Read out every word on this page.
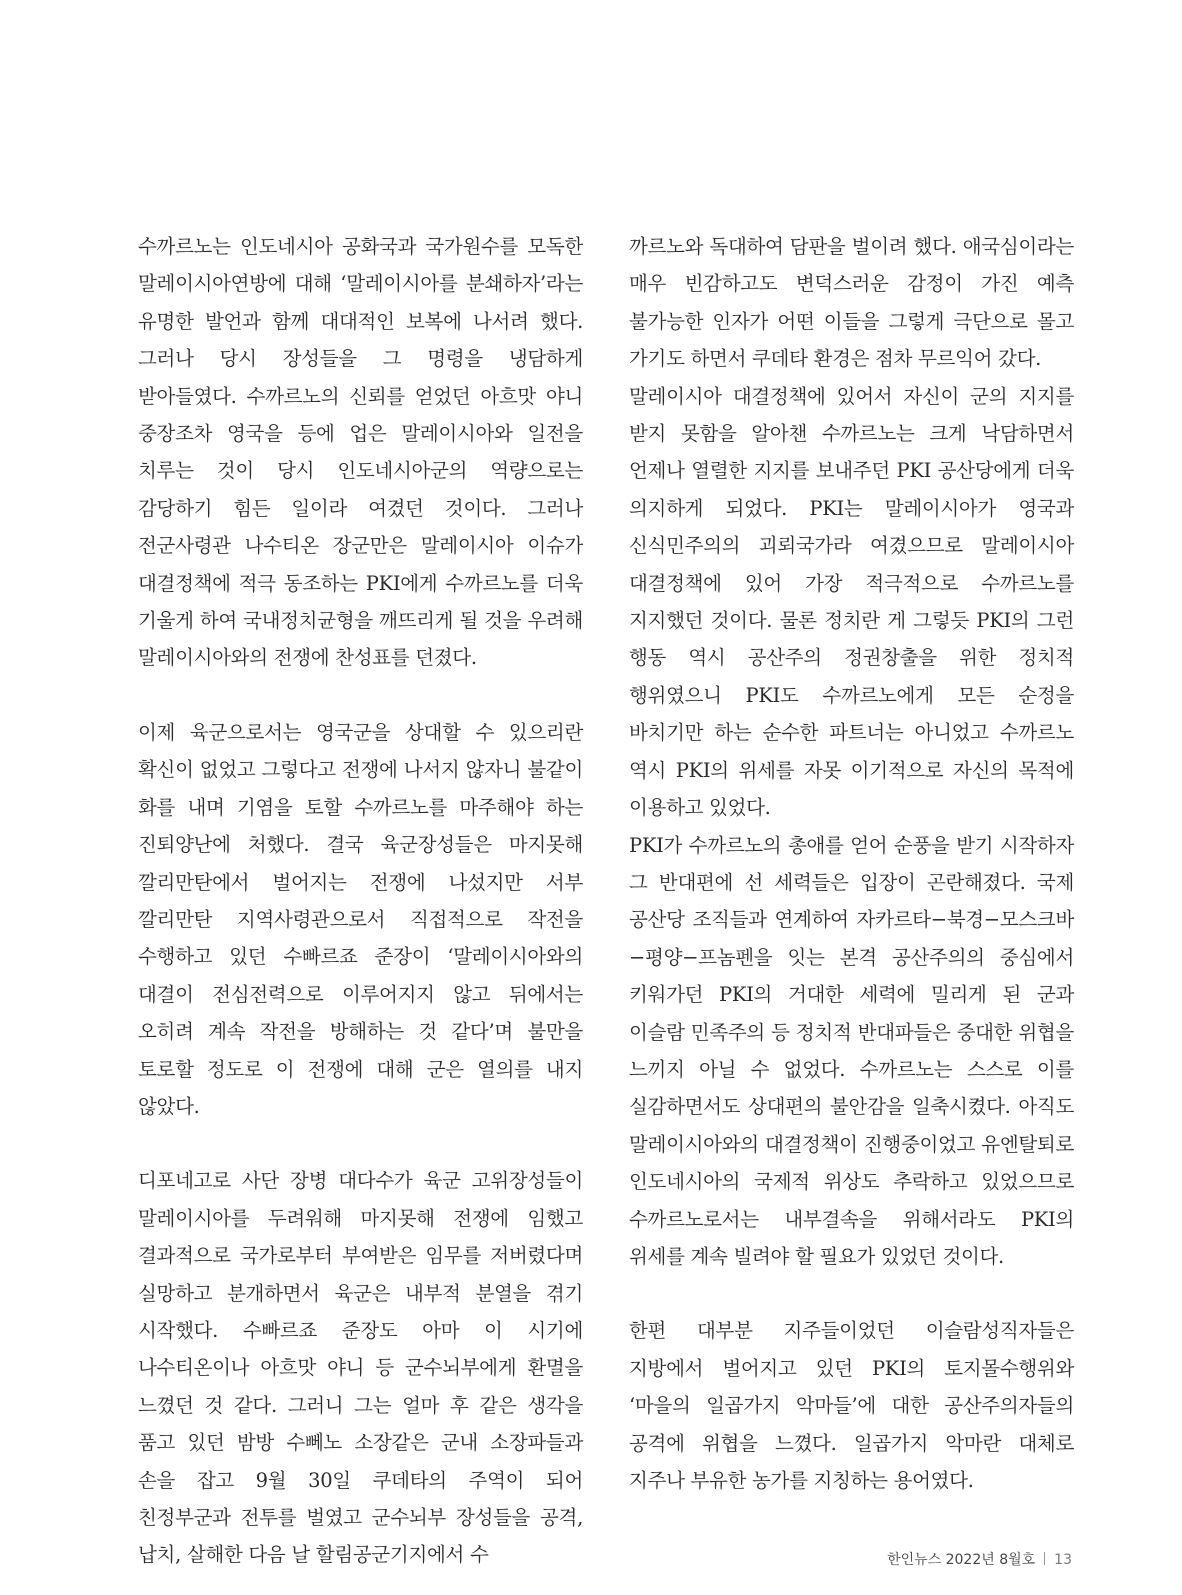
수까르노는 인도네시아 공화국과 국가원수를 모독한 말레이시아연방에 대해 ‘말레이시아를 분쇄하자’라는 유명한 발언과 함께 대대적인 보복에 나서려 했다. 그러나 당시 장성들을 그 명령을 냉담하게 받아들였다. 수까르노의 신뢰를 얻었던 아흐맛 야니 중장조차 영국을 등에 업은 말레이시아와 일전을 치루는 것이 당시 인도네시아군의 역량으로는 감당하기 힘든 일이라 여겼던 것이다. 그러나 전군사령관 나수티온 장군만은 말레이시아 이슈가 대결정책에 적극 동조하는 PKI에게 수까르노를 더욱 기울게 하여 국내정치균형을 깨뜨리게 될 것을 우려해 말레이시아와의 전쟁에 찬성표를 던졌다.

이제 육군으로서는 영국군을 상대할 수 있으리란 확신이 없었고 그렇다고 전쟁에 나서지 않자니 불같이 화를 내며 기염을 토할 수까르노를 마주해야 하는 진퇴양난에 처했다. 결국 육군장성들은 마지못해 깔리만탄에서 벌어지는 전쟁에 나섰지만 서부 깔리만탄 지역사령관으로서 직접적으로 작전을 수행하고 있던 수빠르죠 준장이 ‘말레이시아와의 대결이 전심전력으로 이루어지지 않고 뒤에서는 오히려 계속 작전을 방해하는 것 같다’며 불만을 토로할 정도로 이 전쟁에 대해 군은 열의를 내지 않았다.

디포네고로 사단 장병 대다수가 육군 고위장성들이 말레이시아를 두려워해 마지못해 전쟁에 임했고 결과적으로 국가로부터 부여받은 임무를 저버렸다며 실망하고 분개하면서 육군은 내부적 분열을 겪기 시작했다. 수빠르죠 준장도 아마 이 시기에 나수티온이나 아흐맛 야니 등 군수뇌부에게 환멸을 느꼈던 것 같다. 그러니 그는 얼마 후 같은 생각을 품고 있던 밤방 수뻬노 소장같은 군내 소장파들과 손을 잡고 9월 30일 쿠데타의 주역이 되어 친정부군과 전투를 벌였고 군수뇌부 장성들을 공격, 납치, 살해한 다음 날 할림공군기지에서 수

까르노와 독대하여 담판을 벌이려 했다. 애국심이라는 매우 빈감하고도 변덕스러운 감정이 가진 예측 불가능한 인자가 어떤 이들을 그렇게 극단으로 몰고 가기도 하면서 쿠데타 환경은 점차 무르익어 갔다.

말레이시아 대결정책에 있어서 자신이 군의 지지를 받지 못함을 알아챈 수까르노는 크게 낙담하면서 언제나 열렬한 지지를 보내주던 PKI 공산당에게 더욱 의지하게 되었다. PKI는 말레이시아가 영국과 신식민주의의 괴뢰국가라 여겼으므로 말레이시아 대결정책에 있어 가장 적극적으로 수까르노를 지지했던 것이다. 물론 정치란 게 그렇듯 PKI의 그런 행동 역시 공산주의 정권창출을 위한 정치적 행위였으니 PKI도 수까르노에게 모든 순정을 바치기만 하는 순수한 파트너는 아니었고 수까르노 역시 PKI의 위세를 자못 이기적으로 자신의 목적에 이용하고 있었다.

PKI가 수까르노의 총애를 얻어 순풍을 받기 시작하자 그 반대편에 선 세력들은 입장이 곤란해졌다. 국제 공산당 조직들과 연계하여 자카르타−북경−모스크바−평양−프놈펜을 잇는 본격 공산주의의 중심에서 키워가던 PKI의 거대한 세력에 밀리게 된 군과 이슬람 민족주의 등 정치적 반대파들은 중대한 위협을 느끼지 아닐 수 없었다. 수까르노는 스스로 이를 실감하면서도 상대편의 불안감을 일축시켰다. 아직도 말레이시아와의 대결정책이 진행중이었고 유엔탈퇴로 인도네시아의 국제적 위상도 추락하고 있었으므로 수까르노로서는 내부결속을 위해서라도 PKI의 위세를 계속 빌려야 할 필요가 있었던 것이다.

한편 대부분 지주들이었던 이슬람성직자들은 지방에서 벌어지고 있던 PKI의 토지몰수행위와 ‘마을의 일곱가지 악마들’에 대한 공산주의자들의 공격에 위협을 느꼈다. 일곱가지 악마란 대체로 지주나 부유한 농가를 지칭하는 용어였다.

한인뉴스 2022년 8월호 13
